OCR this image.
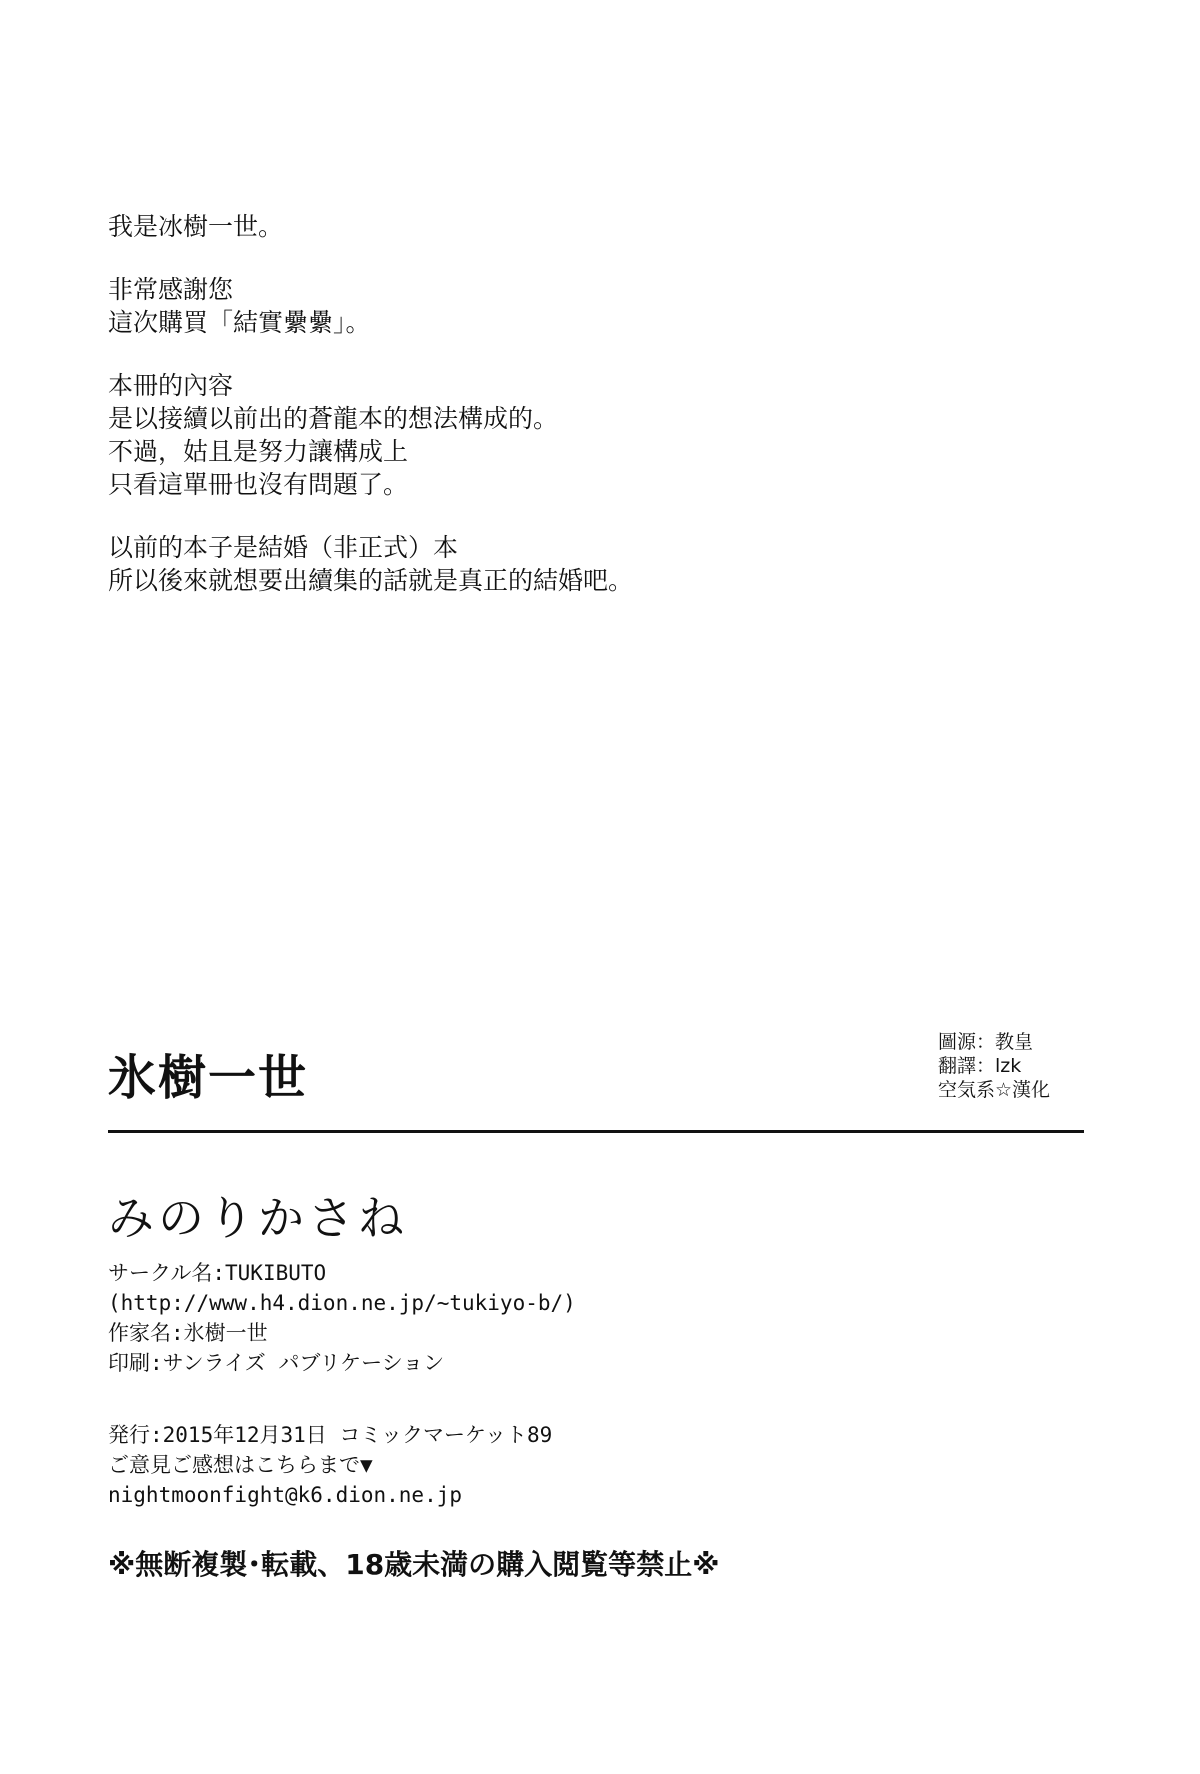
我是冰樹一世。
非常感謝您
這次購買「結實纍纍」。
本冊的內容
是以接續以前出的蒼龍本的想法構成的。
不過，姑且是努力讓構成上
只看這單冊也沒有問題了。
以前的本子是結婚（非正式）本
所以後來就想要出續集的話就是真正的結婚吧。
圖源：教皇
翻譯：lzk
空気系☆漢化
氷樹一世
みのりかさね
サークル名:TUKIBUTO
(http://www.h4.dion.ne.jp/~tukiyo-b/)
作家名:氷樹一世
印刷:サンライズ パブリケーション
発行:2015年12月31日 コミックマーケット89
ご意見ご感想はこちらまで▼
nightmoonfight@k6.dion.ne.jp
※無断複製･転載、18歳未満の購入閲覧等禁止※
